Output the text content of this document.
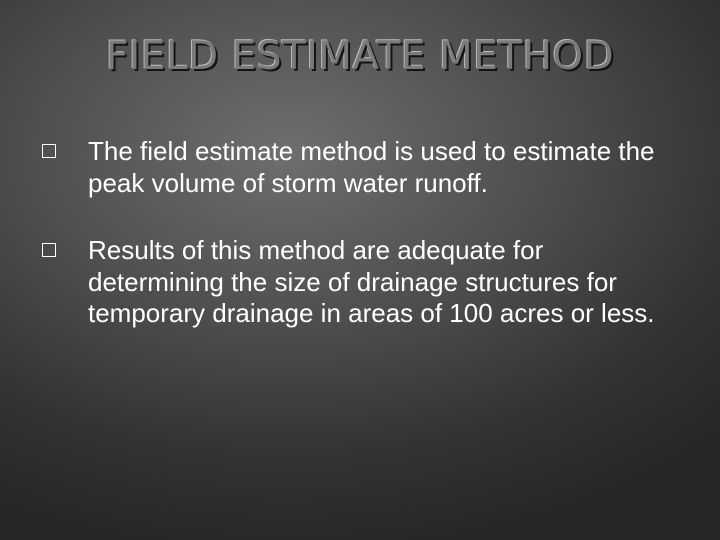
FIELD ESTIMATE METHOD
The field estimate method is used to estimate the peak volume of storm water runoff.
Results of this method are adequate for determining the size of drainage structures for temporary drainage in areas of 100 acres or less.
